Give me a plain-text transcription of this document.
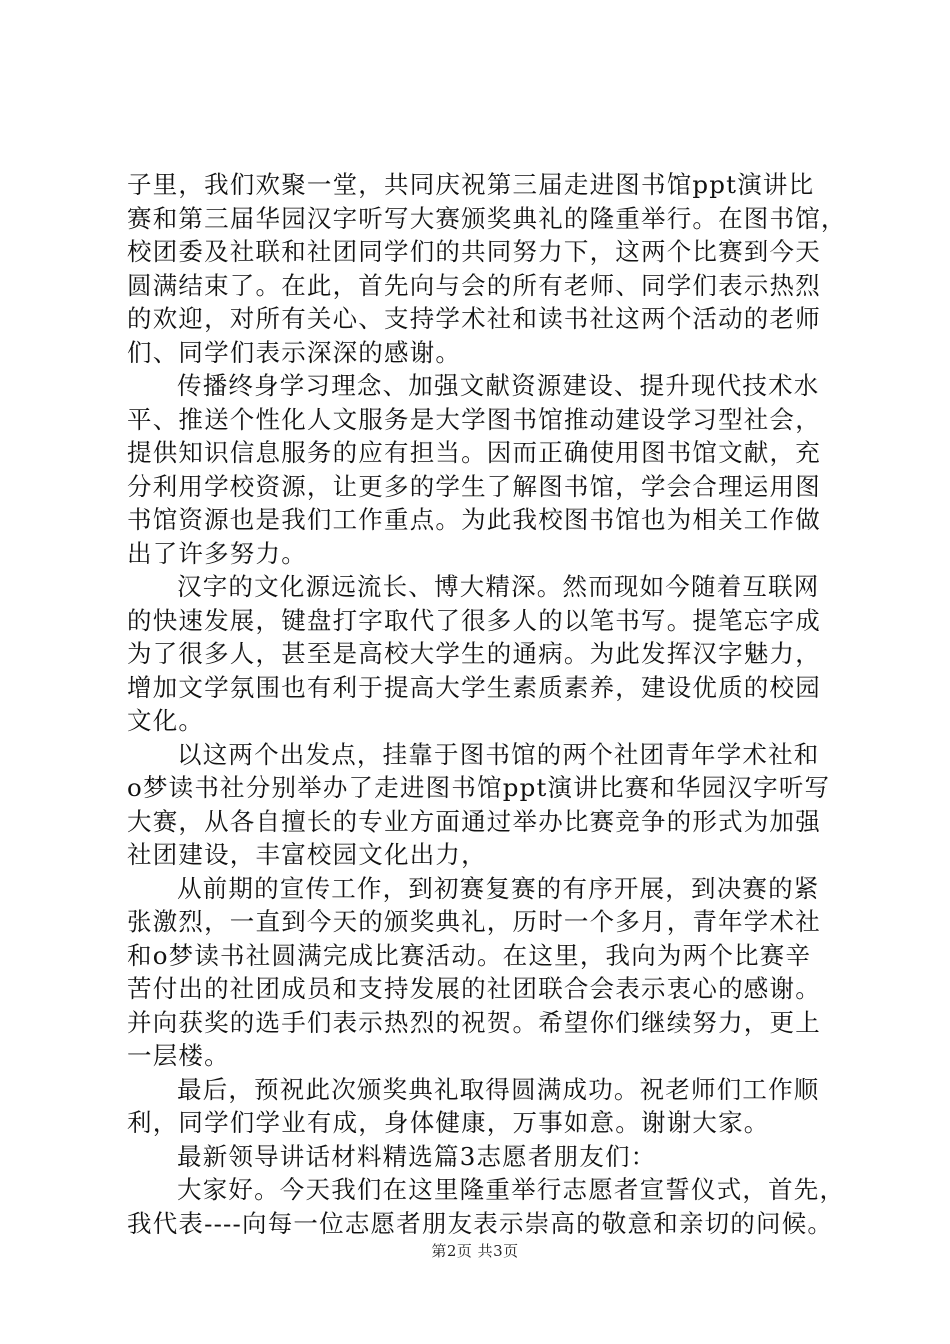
子里，我们欢聚一堂，共同庆祝第三届走进图书馆ppt演讲比
赛和第三届华园汉字听写大赛颁奖典礼的隆重举行。在图书馆，
校团委及社联和社团同学们的共同努力下，这两个比赛到今天
圆满结束了。在此，首先向与会的所有老师、同学们表示热烈
的欢迎，对所有关心、支持学术社和读书社这两个活动的老师
们、同学们表示深深的感谢。
传播终身学习理念、加强文献资源建设、提升现代技术水
平、推送个性化人文服务是大学图书馆推动建设学习型社会，
提供知识信息服务的应有担当。因而正确使用图书馆文献，充
分利用学校资源，让更多的学生了解图书馆，学会合理运用图
书馆资源也是我们工作重点。为此我校图书馆也为相关工作做
出了许多努力。
汉字的文化源远流长、博大精深。然而现如今随着互联网
的快速发展，键盘打字取代了很多人的以笔书写。提笔忘字成
为了很多人，甚至是高校大学生的通病。为此发挥汉字魅力，
增加文学氛围也有利于提高大学生素质素养，建设优质的校园
文化。
以这两个出发点，挂靠于图书馆的两个社团青年学术社和
o梦读书社分别举办了走进图书馆ppt演讲比赛和华园汉字听写
大赛，从各自擅长的专业方面通过举办比赛竞争的形式为加强
社团建设，丰富校园文化出力，
从前期的宣传工作，到初赛复赛的有序开展，到决赛的紧
张激烈，一直到今天的颁奖典礼，历时一个多月，青年学术社
和o梦读书社圆满完成比赛活动。在这里，我向为两个比赛辛
苦付出的社团成员和支持发展的社团联合会表示衷心的感谢。
并向获奖的选手们表示热烈的祝贺。希望你们继续努力，更上
一层楼。
最后，预祝此次颁奖典礼取得圆满成功。祝老师们工作顺
利，同学们学业有成，身体健康，万事如意。谢谢大家。
最新领导讲话材料精选篇3志愿者朋友们：
大家好。今天我们在这里隆重举行志愿者宣誓仪式，首先，
我代表----向每一位志愿者朋友表示崇高的敬意和亲切的问候。
第2页 共3页
